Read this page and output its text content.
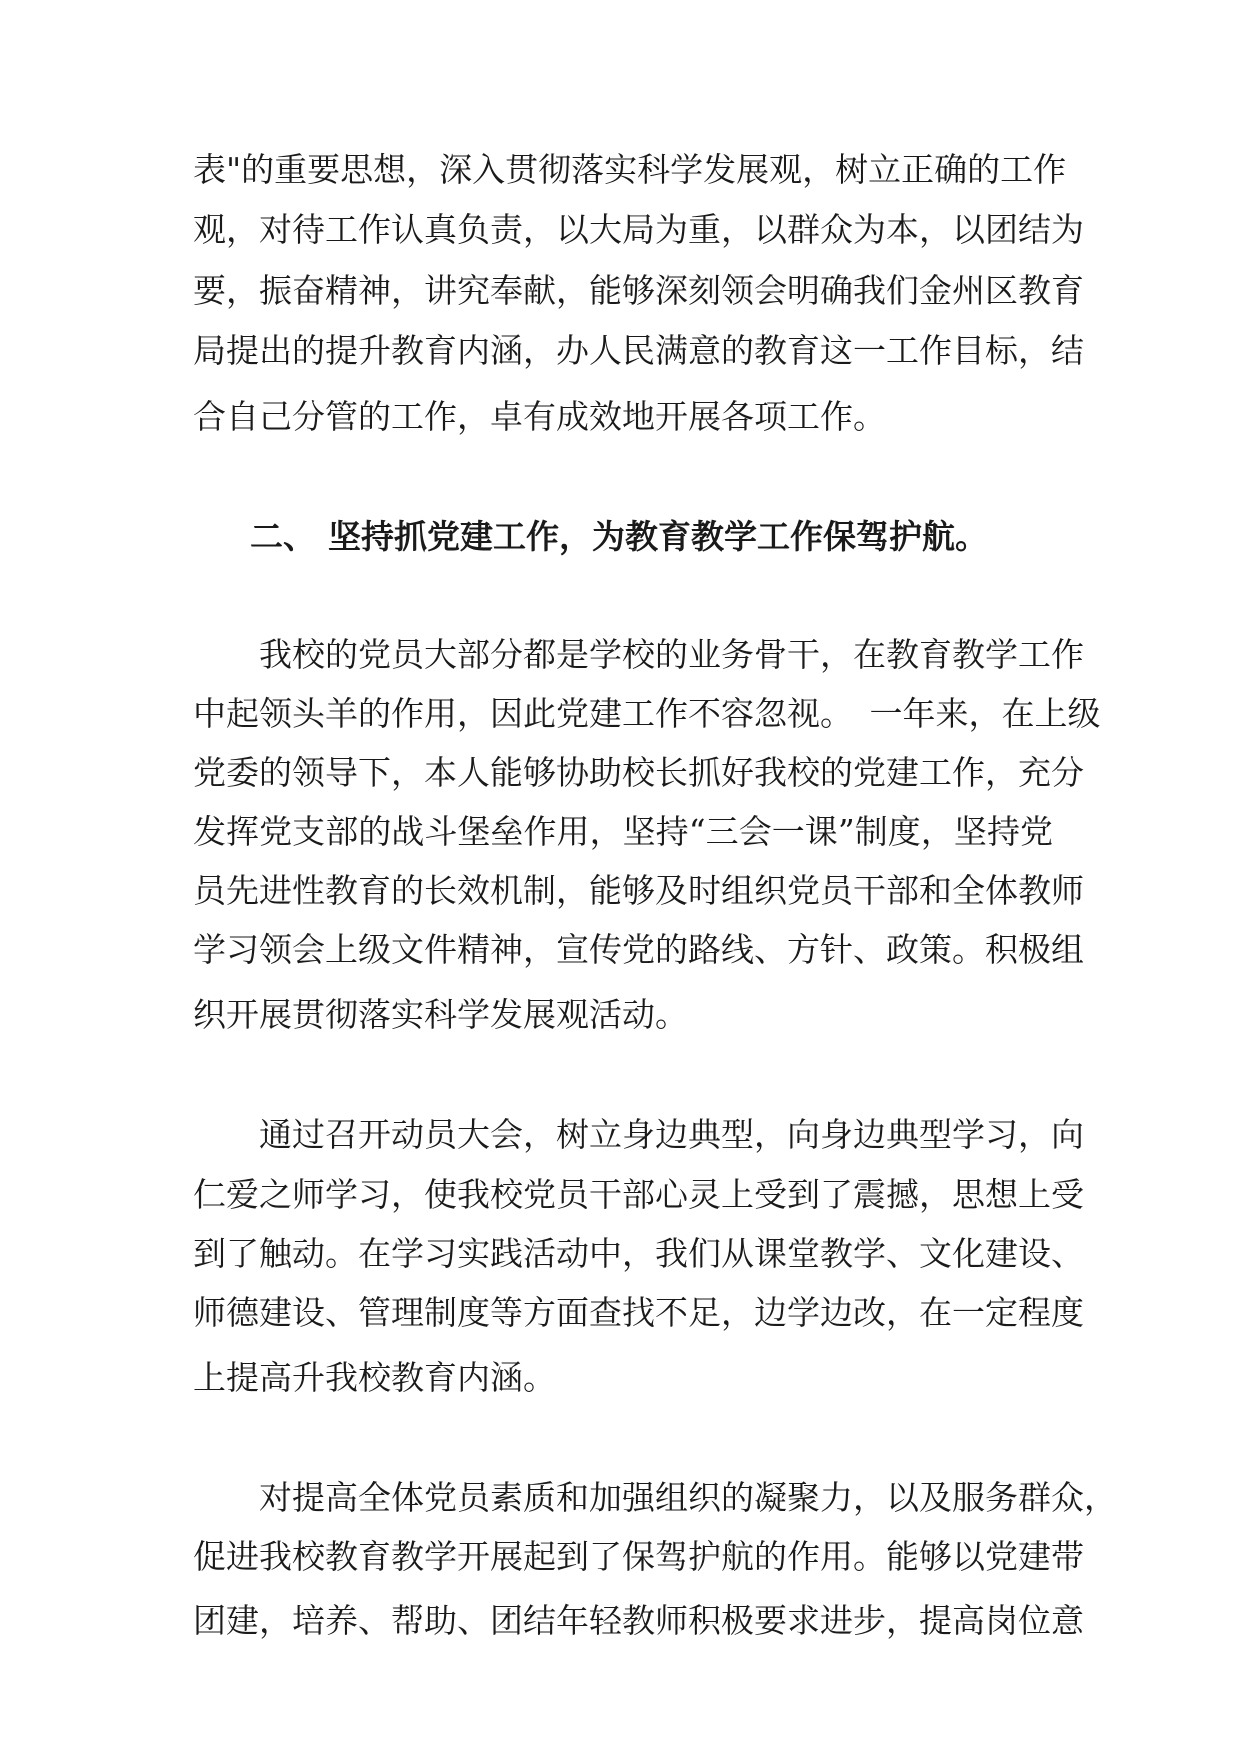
表"的重要思想，深入贯彻落实科学发展观，树立正确的工作
观，对待工作认真负责，以大局为重，以群众为本，以团结为
要，振奋精神，讲究奉献，能够深刻领会明确我们金州区教育
局提出的提升教育内涵，办人民满意的教育这一工作目标，结
合自己分管的工作，卓有成效地开展各项工作。
二、 坚持抓党建工作，为教育教学工作保驾护航。
　　我校的党员大部分都是学校的业务骨干，在教育教学工作
中起领头羊的作用，因此党建工作不容忽视。　一年来，在上级
党委的领导下，本人能够协助校长抓好我校的党建工作，充分
发挥党支部的战斗堡垒作用，坚持“三会一课”制度，坚持党
员先进性教育的长效机制，能够及时组织党员干部和全体教师
学习领会上级文件精神，宣传党的路线、方针、政策。积极组
织开展贯彻落实科学发展观活动。
　　通过召开动员大会，树立身边典型，向身边典型学习，向
仁爱之师学习，使我校党员干部心灵上受到了震撼，思想上受
到了触动。在学习实践活动中，我们从课堂教学、文化建设、
师德建设、管理制度等方面查找不足，边学边改，在一定程度
上提高升我校教育内涵。
　　对提高全体党员素质和加强组织的凝聚力，以及服务群众，
促进我校教育教学开展起到了保驾护航的作用。能够以党建带
团建，培养、帮助、团结年轻教师积极要求进步，提高岗位意
